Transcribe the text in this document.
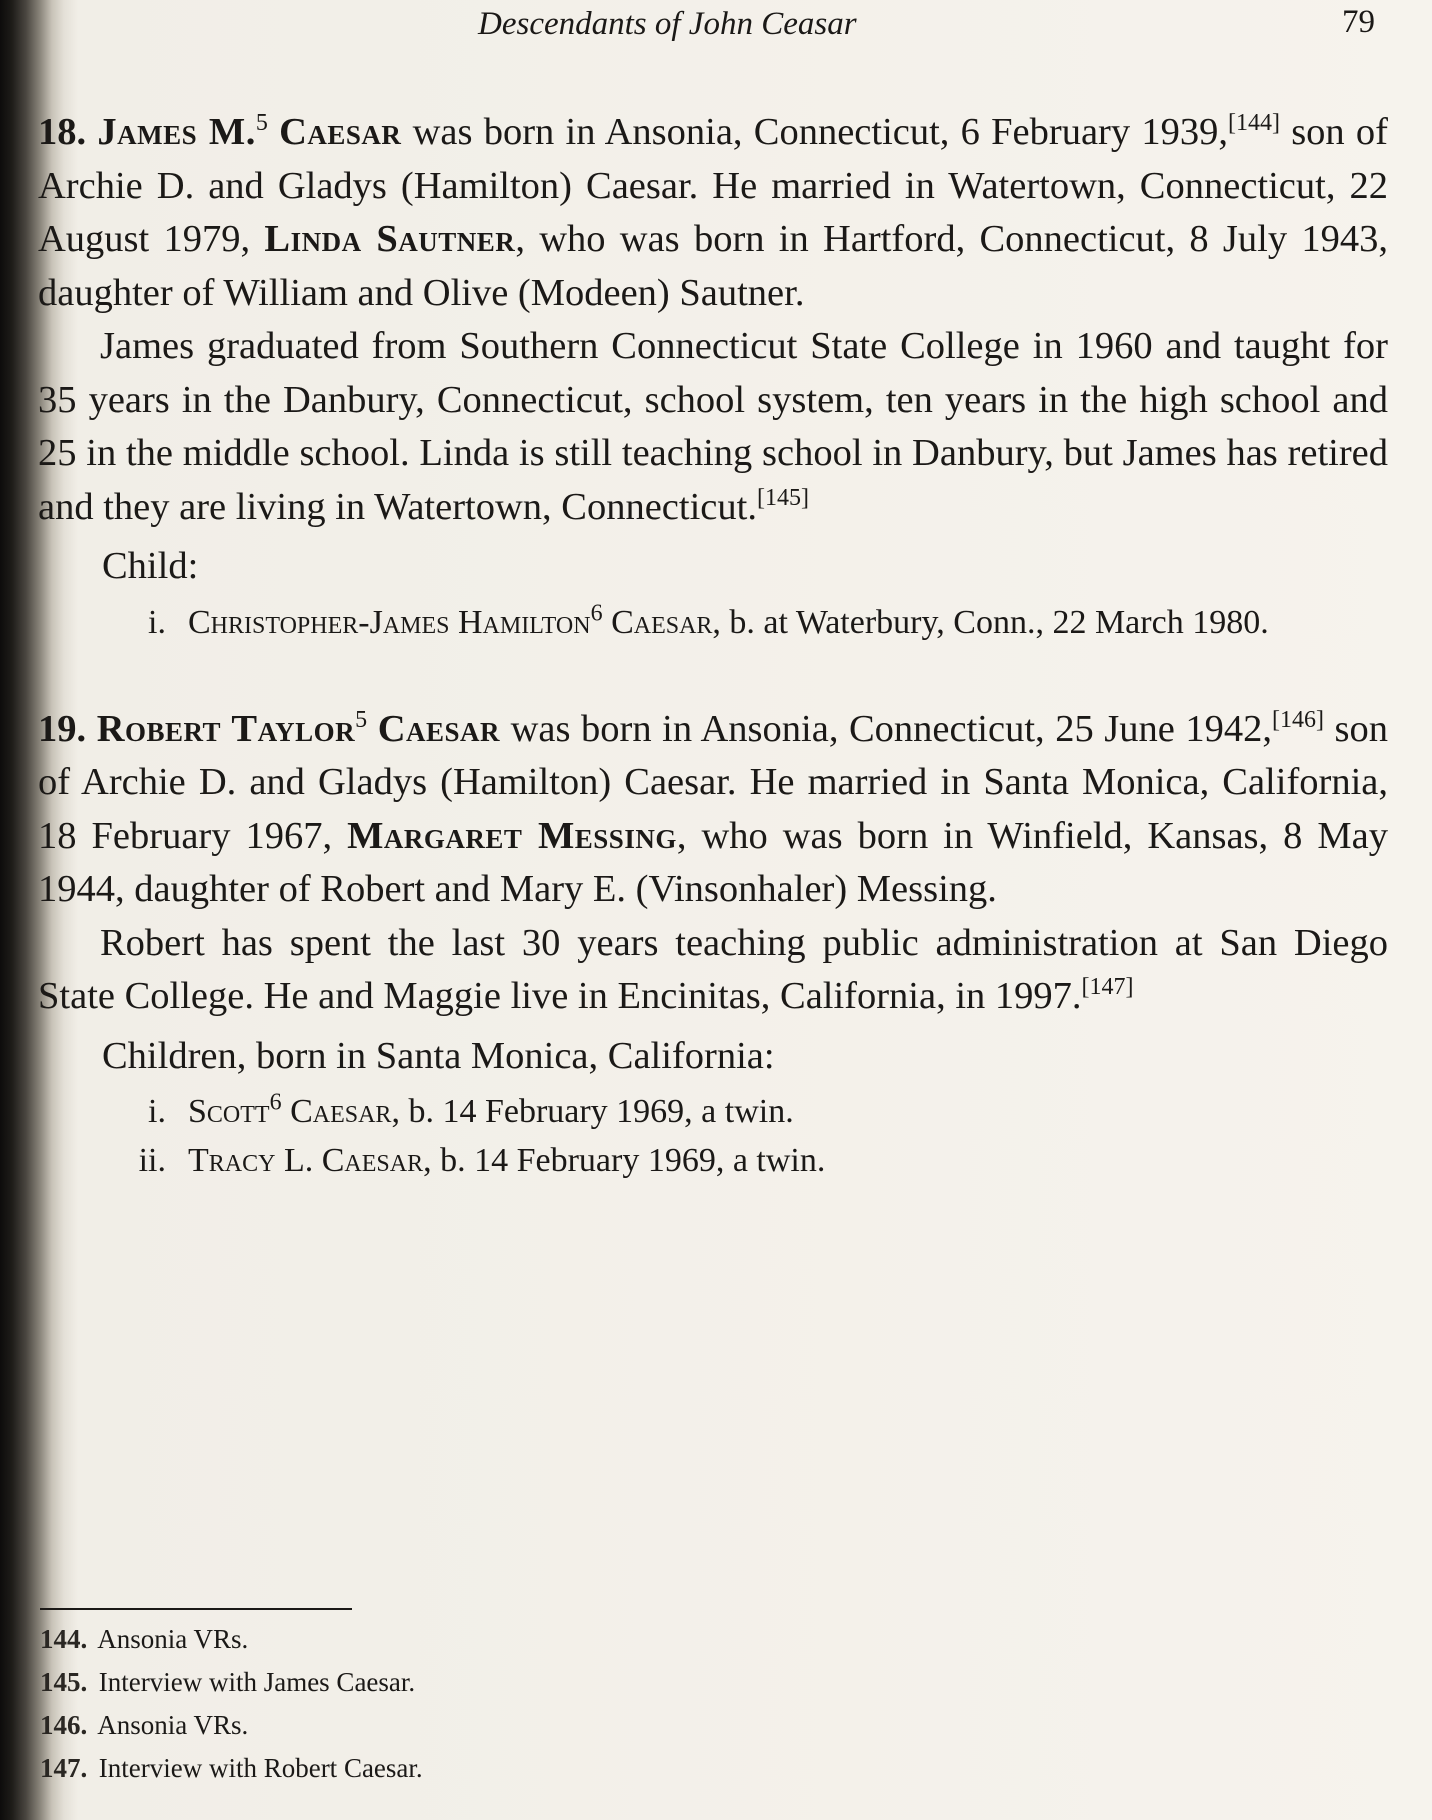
Descendants of John Ceasar	79

18. James M.$^5$ Caesar was born in Ansonia, Connecticut, 6 February 1939,[144] son of Archie D. and Gladys (Hamilton) Caesar. He married in Watertown, Connecticut, 22 August 1979, Linda Sautner, who was born in Hartford, Connecticut, 8 July 1943, daughter of William and Olive (Modeen) Sautner.

James graduated from Southern Connecticut State College in 1960 and taught for 35 years in the Danbury, Connecticut, school system, ten years in the high school and 25 in the middle school. Linda is still teaching school in Danbury, but James has retired and they are living in Watertown, Connecticut.[145]

Child:
i. Christopher-James Hamilton$^6$ Caesar, b. at Waterbury, Conn., 22 March 1980.

19. Robert Taylor$^5$ Caesar was born in Ansonia, Connecticut, 25 June 1942,[146] son of Archie D. and Gladys (Hamilton) Caesar. He married in Santa Monica, California, 18 February 1967, Margaret Messing, who was born in Winfield, Kansas, 8 May 1944, daughter of Robert and Mary E. (Vinsonhaler) Messing.

Robert has spent the last 30 years teaching public administration at San Diego State College. He and Maggie live in Encinitas, California, in 1997.[147]

Children, born in Santa Monica, California:
i. Scott$^6$ Caesar, b. 14 February 1969, a twin.
ii. Tracy L. Caesar, b. 14 February 1969, a twin.
144. Ansonia VRs.
145. Interview with James Caesar.
146. Ansonia VRs.
147. Interview with Robert Caesar.
